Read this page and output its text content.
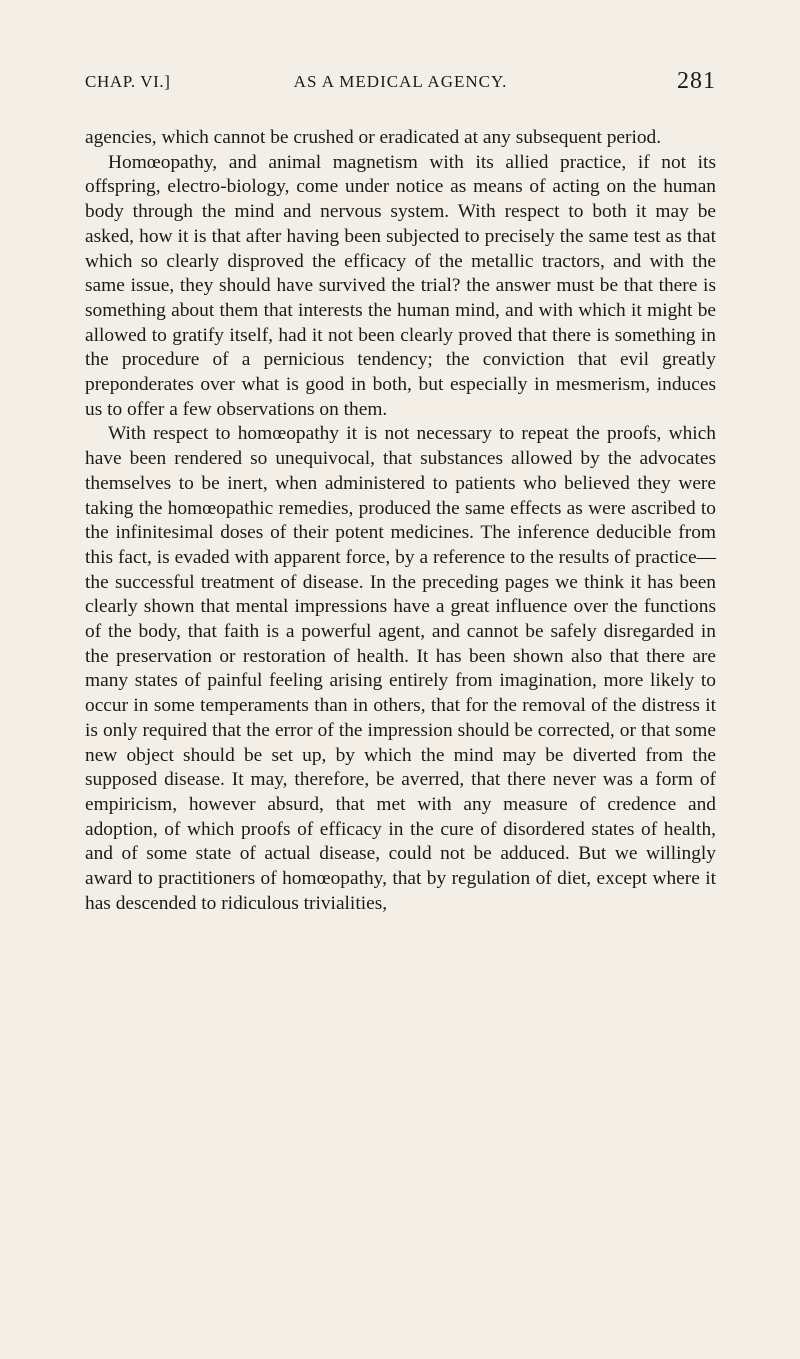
CHAP. VI.]	AS A MEDICAL AGENCY.	281

agencies, which cannot be crushed or eradicated at any subsequent period.

Homœopathy, and animal magnetism with its allied practice, if not its offspring, electro-biology, come under notice as means of acting on the human body through the mind and nervous system. With respect to both it may be asked, how it is that after having been subjected to precisely the same test as that which so clearly disproved the efficacy of the metallic tractors, and with the same issue, they should have survived the trial? the answer must be that there is something about them that interests the human mind, and with which it might be allowed to gratify itself, had it not been clearly proved that there is something in the procedure of a pernicious tendency; the conviction that evil greatly preponderates over what is good in both, but especially in mesmerism, induces us to offer a few observations on them.

With respect to homœopathy it is not necessary to repeat the proofs, which have been rendered so unequivocal, that substances allowed by the advocates themselves to be inert, when administered to patients who believed they were taking the homœopathic remedies, produced the same effects as were ascribed to the infinitesimal doses of their potent medicines. The inference deducible from this fact, is evaded with apparent force, by a reference to the results of practice— the successful treatment of disease. In the preceding pages we think it has been clearly shown that mental impressions have a great influence over the functions of the body, that faith is a powerful agent, and cannot be safely disregarded in the preservation or restoration of health. It has been shown also that there are many states of painful feeling arising entirely from imagination, more likely to occur in some temperaments than in others, that for the removal of the distress it is only required that the error of the impression should be corrected, or that some new object should be set up, by which the mind may be diverted from the supposed disease. It may, therefore, be averred, that there never was a form of empiricism, however absurd, that met with any measure of credence and adoption, of which proofs of efficacy in the cure of disordered states of health, and of some state of actual disease, could not be adduced. But we willingly award to practitioners of homœopathy, that by regulation of diet, except where it has descended to ridiculous trivialities,
